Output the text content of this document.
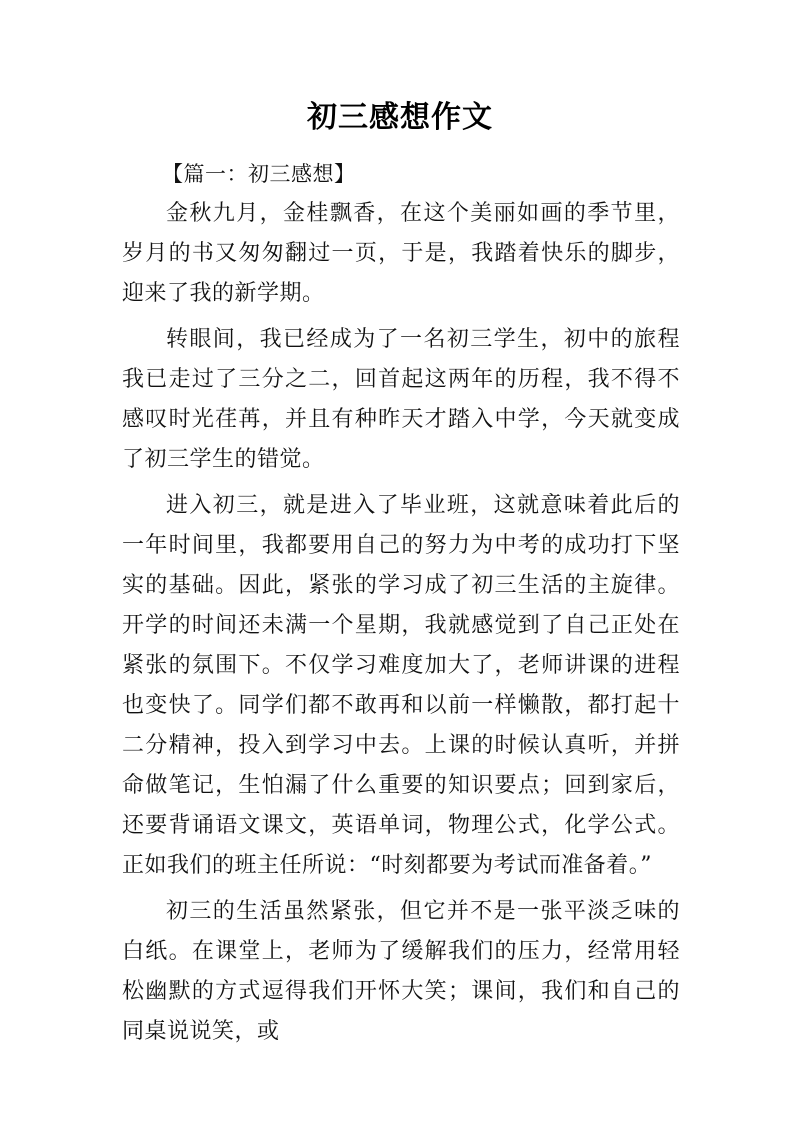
初三感想作文
【篇一：初三感想】

金秋九月，金桂飘香，在这个美丽如画的季节里，岁月的书又匆匆翻过一页，于是，我踏着快乐的脚步，迎来了我的新学期。

转眼间，我已经成为了一名初三学生，初中的旅程我已走过了三分之二，回首起这两年的历程，我不得不感叹时光荏苒，并且有种昨天才踏入中学，今天就变成了初三学生的错觉。

进入初三，就是进入了毕业班，这就意味着此后的一年时间里，我都要用自己的努力为中考的成功打下坚实的基础。因此，紧张的学习成了初三生活的主旋律。开学的时间还未满一个星期，我就感觉到了自己正处在紧张的氛围下。不仅学习难度加大了，老师讲课的进程也变快了。同学们都不敢再和以前一样懒散，都打起十二分精神，投入到学习中去。上课的时候认真听，并拼命做笔记，生怕漏了什么重要的知识要点；回到家后，还要背诵语文课文，英语单词，物理公式，化学公式。正如我们的班主任所说：“时刻都要为考试而准备着。”

初三的生活虽然紧张，但它并不是一张平淡乏味的白纸。在课堂上，老师为了缓解我们的压力，经常用轻松幽默的方式逗得我们开怀大笑；课间，我们和自己的同桌说说笑，或
